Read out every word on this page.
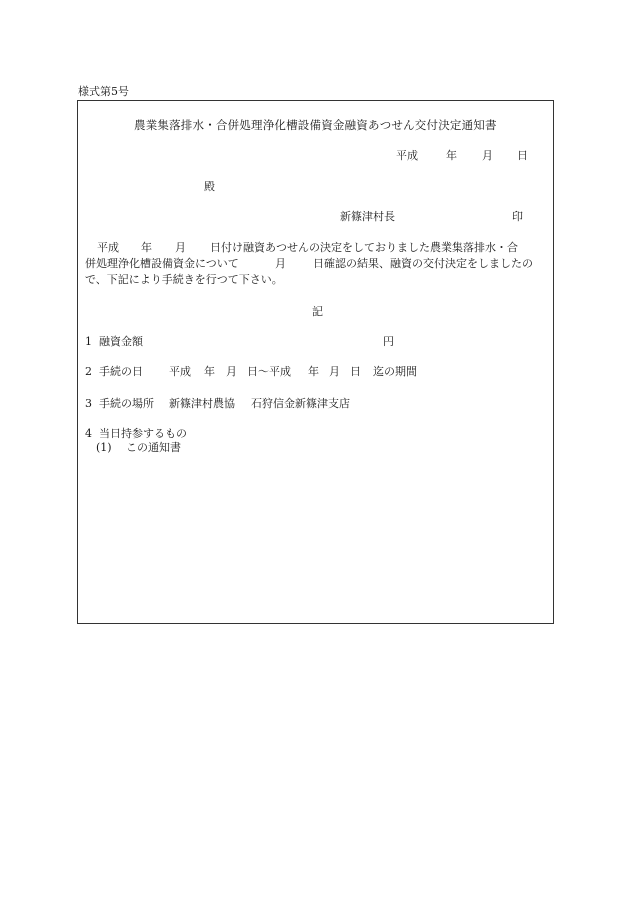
様式第5号
農業集落排水・合併処理浄化槽設備資金融資あつせん交付決定通知書
平成	年 月 日
殿
新篠津村長	印
平成 年 月 日付け融資あつせんの決定をしておりました農業集落排水・合
併処理浄化槽設備資金について	月 日確認の結果、融資の交付決定をしましたの
で、下記により手続きを行つて下さい。
記
1 融資金額	円
2 手続の日 平成 年 月 日〜平成 年 月 日 迄の期間
3 手続の場所 新篠津村農協 石狩信金新篠津支店
4 当日持参するもの
(1) この通知書
